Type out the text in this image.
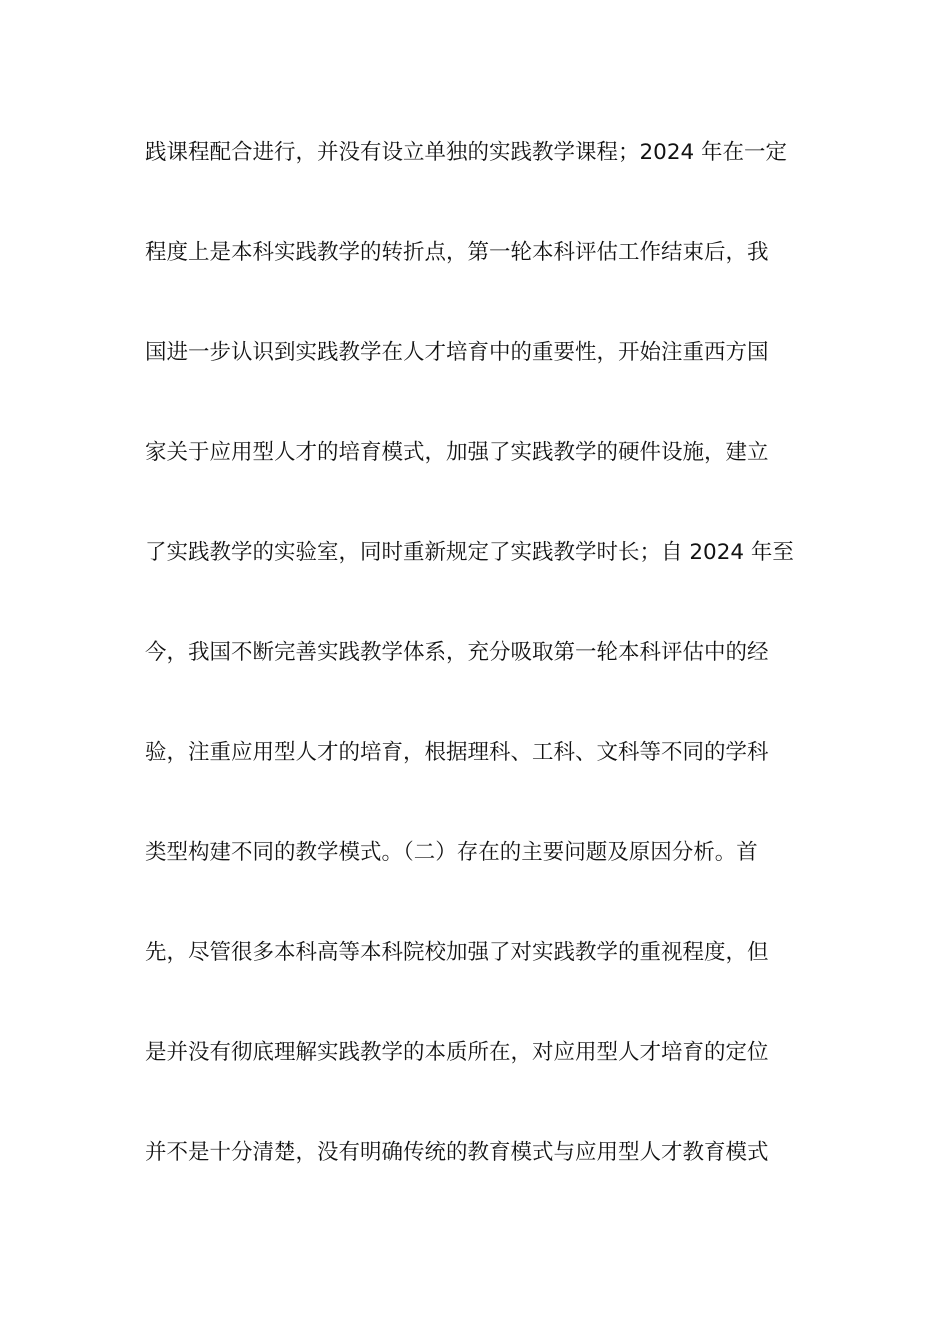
践课程配合进行，并没有设立单独的实践教学课程；2024 年在一定
程度上是本科实践教学的转折点，第一轮本科评估工作结束后，我
国进一步认识到实践教学在人才培育中的重要性，开始注重西方国
家关于应用型人才的培育模式，加强了实践教学的硬件设施，建立
了实践教学的实验室，同时重新规定了实践教学时长；自 2024 年至
今，我国不断完善实践教学体系，充分吸取第一轮本科评估中的经
验，注重应用型人才的培育，根据理科、工科、文科等不同的学科
类型构建不同的教学模式。（二）存在的主要问题及原因分析。首
先，尽管很多本科高等本科院校加强了对实践教学的重视程度，但
是并没有彻底理解实践教学的本质所在，对应用型人才培育的定位
并不是十分清楚，没有明确传统的教育模式与应用型人才教育模式
